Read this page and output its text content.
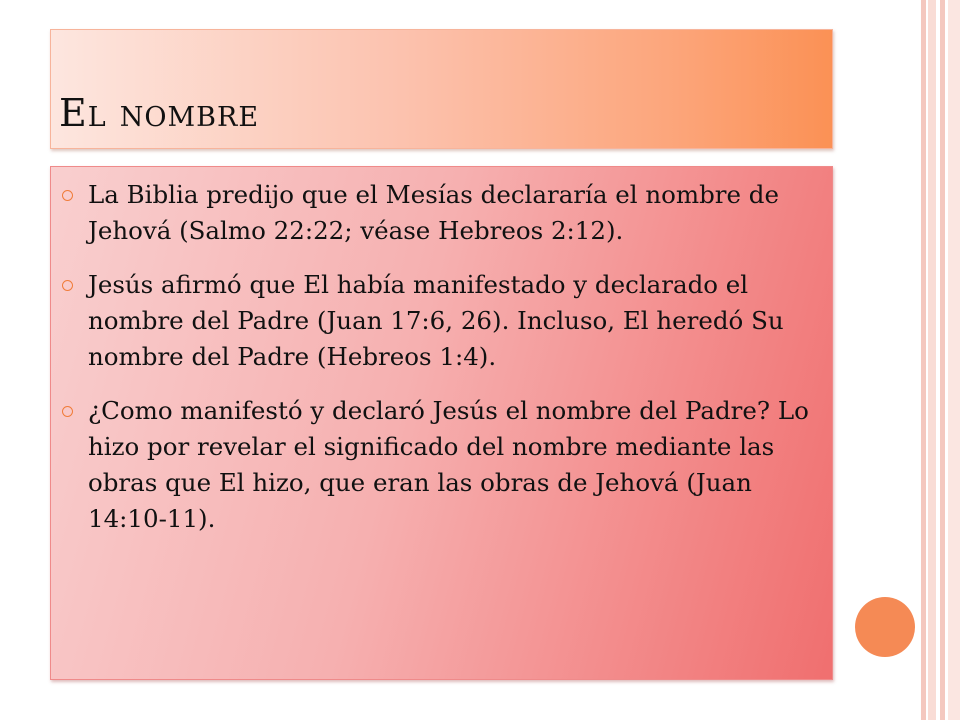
El nombre
La Biblia predijo que el Mesías declararía el nombre de Jehová (Salmo 22:22; véase Hebreos 2:12).
Jesús afirmó que El había manifestado y declarado el nombre del Padre (Juan 17:6, 26). Incluso, El heredó Su nombre del Padre (Hebreos 1:4).
¿Como manifestó y declaró Jesús el nombre del Padre? Lo hizo por revelar el significado del nombre mediante las obras que El hizo, que eran las obras de Jehová (Juan 14:10-11).
